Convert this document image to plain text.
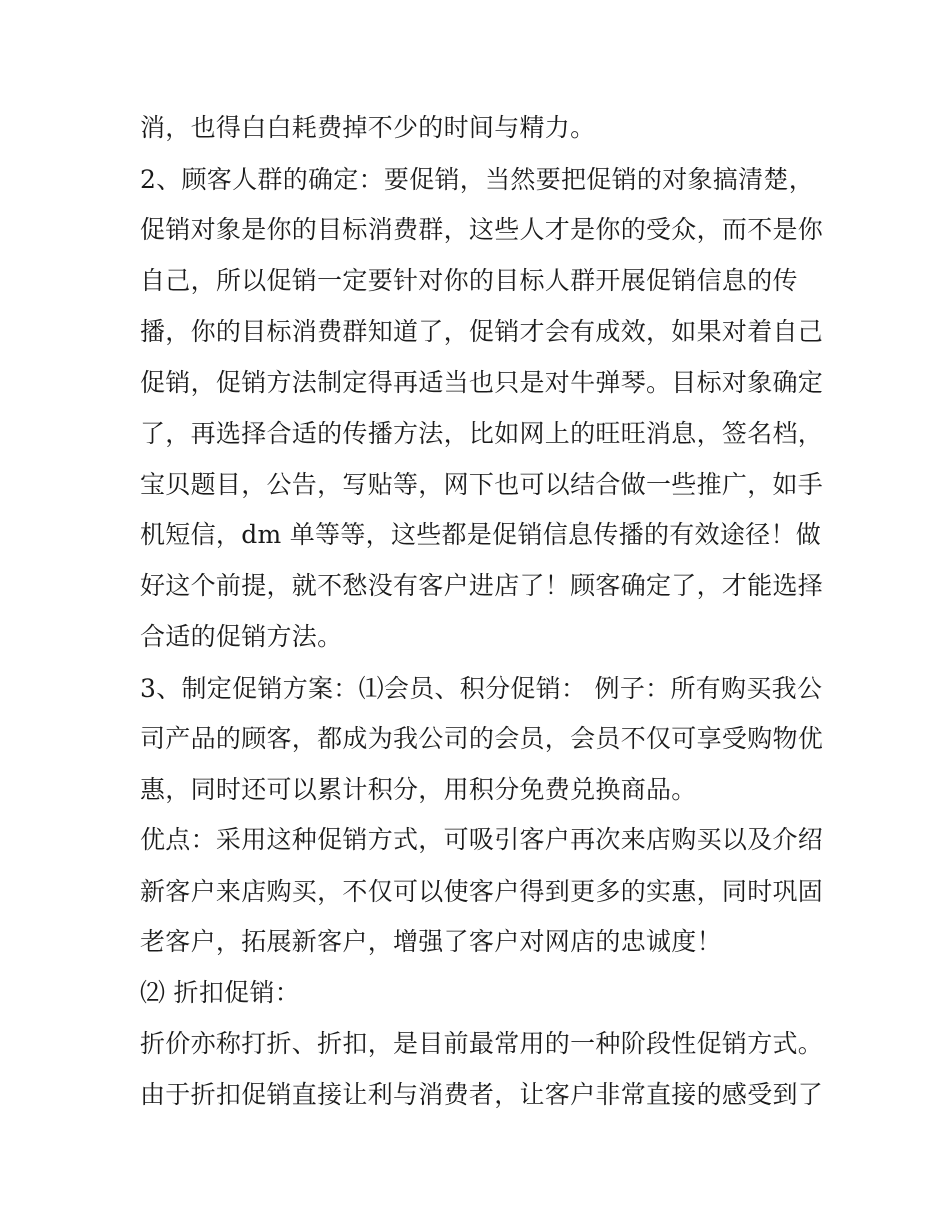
消，也得白白耗费掉不少的时间与精力。
2、顾客人群的确定：要促销，当然要把促销的对象搞清楚，
促销对象是你的目标消费群，这些人才是你的受众，而不是你
自己，所以促销一定要针对你的目标人群开展促销信息的传
播，你的目标消费群知道了，促销才会有成效，如果对着自己
促销，促销方法制定得再适当也只是对牛弹琴。目标对象确定
了，再选择合适的传播方法，比如网上的旺旺消息，签名档，
宝贝题目，公告，写贴等，网下也可以结合做一些推广，如手
机短信，dm 单等等，这些都是促销信息传播的有效途径！做
好这个前提，就不愁没有客户进店了！顾客确定了，才能选择
合适的促销方法。
3、制定促销方案：⑴会员、积分促销： 例子：所有购买我公
司产品的顾客，都成为我公司的会员，会员不仅可享受购物优
惠，同时还可以累计积分，用积分免费兑换商品。
优点：采用这种促销方式，可吸引客户再次来店购买以及介绍
新客户来店购买，不仅可以使客户得到更多的实惠，同时巩固
老客户，拓展新客户，增强了客户对网店的忠诚度！
⑵ 折扣促销：
折价亦称打折、折扣，是目前最常用的一种阶段性促销方式。
由于折扣促销直接让利与消费者，让客户非常直接的感受到了
